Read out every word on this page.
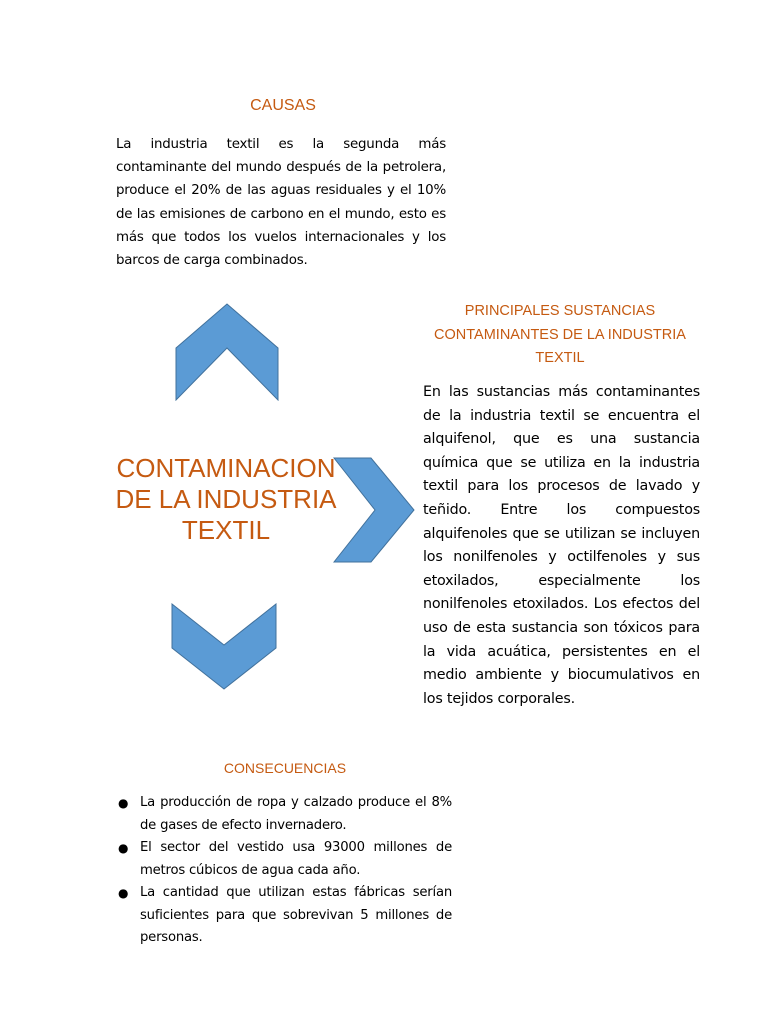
CAUSAS
La industria textil es la segunda más contaminante del mundo después de la petrolera, produce el 20% de las aguas residuales y el 10% de las emisiones de carbono en el mundo, esto es más que todos los vuelos internacionales y los barcos de carga combinados.
PRINCIPALES SUSTANCIAS CONTAMINANTES DE LA INDUSTRIA TEXTIL
En las sustancias más contaminantes de la industria textil se encuentra el alquifenol, que es una sustancia química que se utiliza en la industria textil para los procesos de lavado y teñido. Entre los compuestos alquifenoles que se utilizan se incluyen los nonilfenoles y octilfenoles y sus etoxilados, especialmente los nonilfenoles etoxilados. Los efectos del uso de esta sustancia son tóxicos para la vida acuática, persistentes en el medio ambiente y biocumulativos en los tejidos corporales.
CONTAMINACION DE LA INDUSTRIA TEXTIL
CONSECUENCIAS
● La producción de ropa y calzado produce el 8% de gases de efecto invernadero.
● El sector del vestido usa 93000 millones de metros cúbicos de agua cada año.
● La cantidad que utilizan estas fábricas serían suficientes para que sobrevivan 5 millones de personas.
